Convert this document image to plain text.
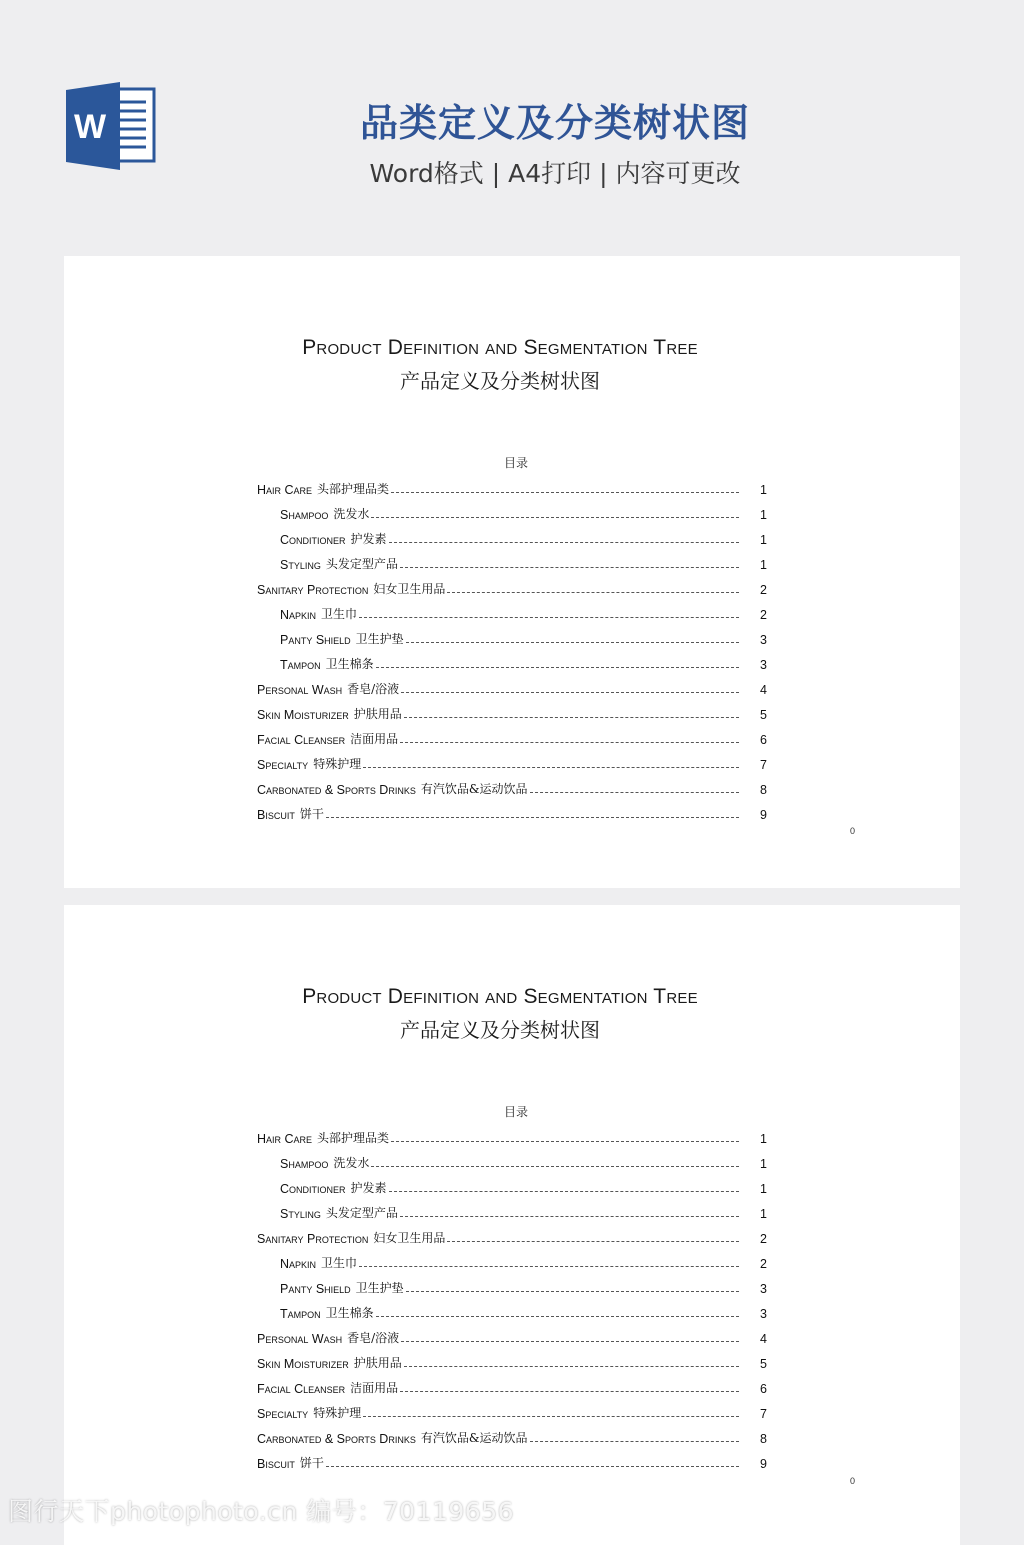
W	品类定义及分类树状图
Word格式 | A4打印 | 内容可更改
Product Definition and Segmentation Tree
产品定义及分类树状图
目录
Hair Care 头部护理品类	1
Shampoo 洗发水	1
Conditioner 护发素	1
Styling 头发定型产品	1
Sanitary Protection 妇女卫生用品	2
Napkin 卫生巾	2
Panty Shield 卫生护垫	3
Tampon 卫生棉条	3
Personal Wash 香皂/浴液	4
Skin Moisturizer 护肤用品	5
Facial Cleanser 洁面用品	6
Specialty 特殊护理	7
Carbonated & Sports Drinks 有汽饮品&运动饮品	8
Biscuit 饼干	9
0
Product Definition and Segmentation Tree
产品定义及分类树状图
目录
Hair Care 头部护理品类	1
Shampoo 洗发水	1
Conditioner 护发素	1
Styling 头发定型产品	1
Sanitary Protection 妇女卫生用品	2
Napkin 卫生巾	2
Panty Shield 卫生护垫	3
Tampon 卫生棉条	3
Personal Wash 香皂/浴液	4
Skin Moisturizer 护肤用品	5
Facial Cleanser 洁面用品	6
Specialty 特殊护理	7
Carbonated & Sports Drinks 有汽饮品&运动饮品	8
Biscuit 饼干	9
0
图行天下photophoto.cn 编号：70119656
